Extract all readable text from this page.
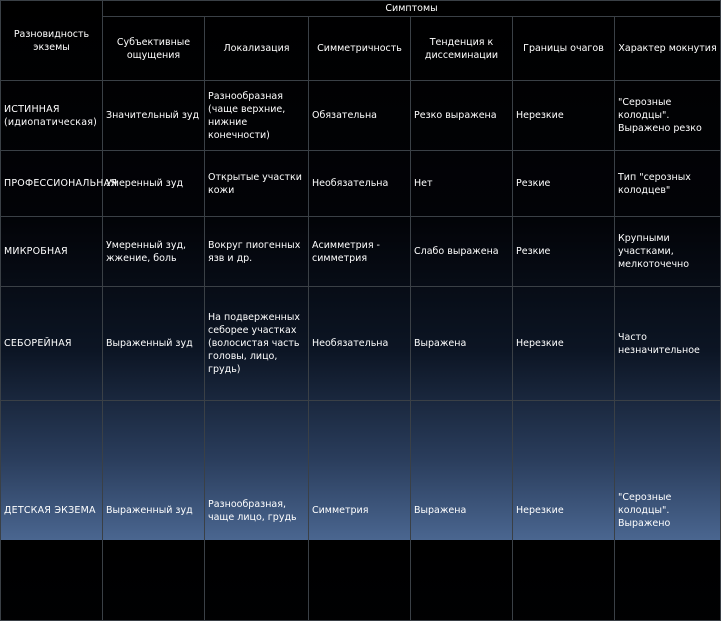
Разновидность экземы	Симптомы					
	Субъективные ощущения	Локализация	Симметричность	Тенденция к диссеминации	Границы очагов	Характер мокнутия
ИСТИННАЯ (идиопатическая)	Значительный зуд	Разнообразная (чаще верхние, нижние конечности)	Обязательна	Резко выражена	Нерезкие	"Серозные колодцы". Выражено резко
ПРОФЕССИОНАЛЬНАЯ	Умеренный зуд	Открытые участки кожи	Необязательна	Нет	Резкие	Тип "серозных колодцев"
МИКРОБНАЯ	Умеренный зуд, жжение, боль	Вокруг пиогенных язв и др.	Асимметрия - симметрия	Слабо выражена	Резкие	Крупными участками, мелкоточечно
СЕБОРЕЙНАЯ	Выраженный зуд	На подверженных себорее участках (волосистая часть головы, лицо, грудь)	Необязательна	Выражена	Нерезкие	Часто незначительное
ДЕТСКАЯ ЭКЗЕМА	Выраженный зуд	Разнообразная, чаще лицо, грудь	Симметрия	Выражена	Нерезкие	"Серозные колодцы". Выражено
